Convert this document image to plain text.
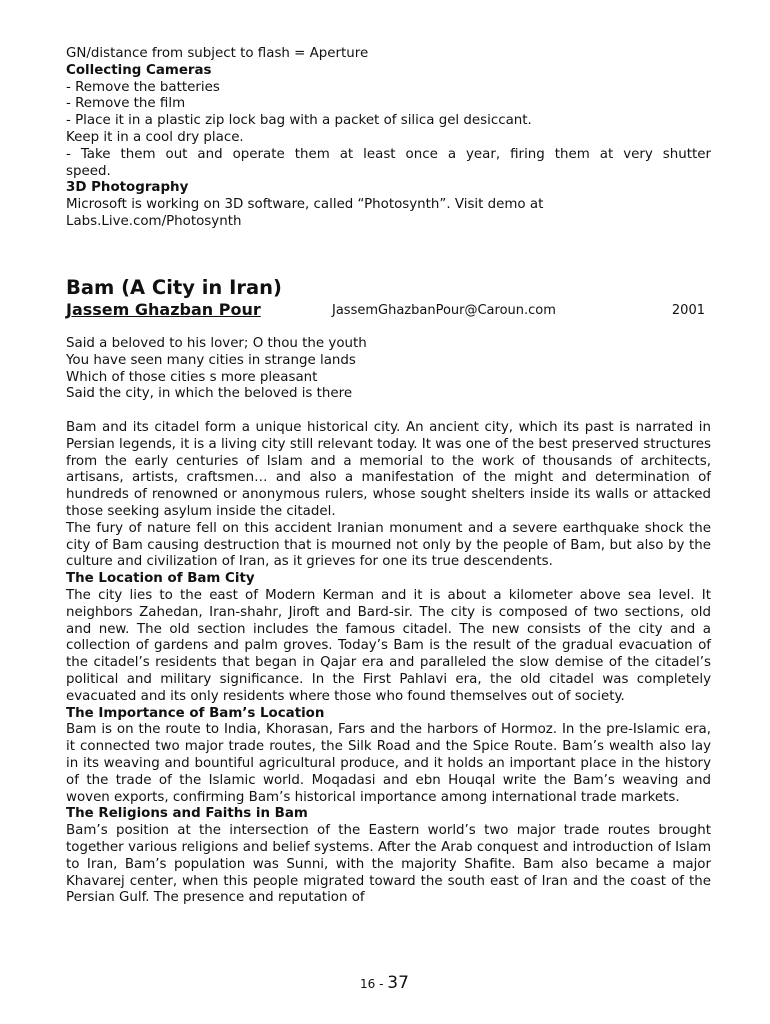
GN/distance from subject to flash = Aperture
Collecting Cameras
- Remove the batteries
- Remove the film
- Place it in a plastic zip lock bag with a packet of silica gel desiccant.
Keep it in a cool dry place.
- Take them out and operate them at least once a year, firing them at very shutter
speed.
3D Photography
Microsoft is working on 3D software, called “Photosynth”. Visit demo at
Labs.Live.com/Photosynth
Bam (A City in Iran)
Jassem Ghazban Pour	JassemGhazbanPour@Caroun.com	2001
Said a beloved to his lover; O thou the youth
You have seen many cities in strange lands
Which of those cities s more pleasant
Said the city, in which the beloved is there
Bam and its citadel form a unique historical city. An ancient city, which its past is narrated in Persian legends, it is a living city still relevant today. It was one of the best preserved structures from the early centuries of Islam and a memorial to the work of thousands of architects, artisans, artists, craftsmen… and also a manifestation of the might and determination of hundreds of renowned or anonymous rulers, whose sought shelters inside its walls or attacked those seeking asylum inside the citadel.
The fury of nature fell on this accident Iranian monument and a severe earthquake shock the city of Bam causing destruction that is mourned not only by the people of Bam, but also by the culture and civilization of Iran, as it grieves for one its true descendents.
The Location of Bam City
The city lies to the east of Modern Kerman and it is about a kilometer above sea level. It neighbors Zahedan, Iran-shahr, Jiroft and Bard-sir. The city is composed of two sections, old and new. The old section includes the famous citadel. The new consists of the city and a collection of gardens and palm groves. Today’s Bam is the result of the gradual evacuation of the citadel’s residents that began in Qajar era and paralleled the slow demise of the citadel’s political and military significance. In the First Pahlavi era, the old citadel was completely evacuated and its only residents where those who found themselves out of society.
The Importance of Bam’s Location
Bam is on the route to India, Khorasan, Fars and the harbors of Hormoz. In the pre-Islamic era, it connected two major trade routes, the Silk Road and the Spice Route. Bam’s wealth also lay in its weaving and bountiful agricultural produce, and it holds an important place in the history of the trade of the Islamic world. Moqadasi and ebn Houqal write the Bam’s weaving and woven exports, confirming Bam’s historical importance among international trade markets.
The Religions and Faiths in Bam
Bam’s position at the intersection of the Eastern world’s two major trade routes brought together various religions and belief systems. After the Arab conquest and introduction of Islam to Iran, Bam’s population was Sunni, with the majority Shafite. Bam also became a major Khavarej center, when this people migrated toward the south east of Iran and the coast of the Persian Gulf. The presence and reputation of
16 - 37
